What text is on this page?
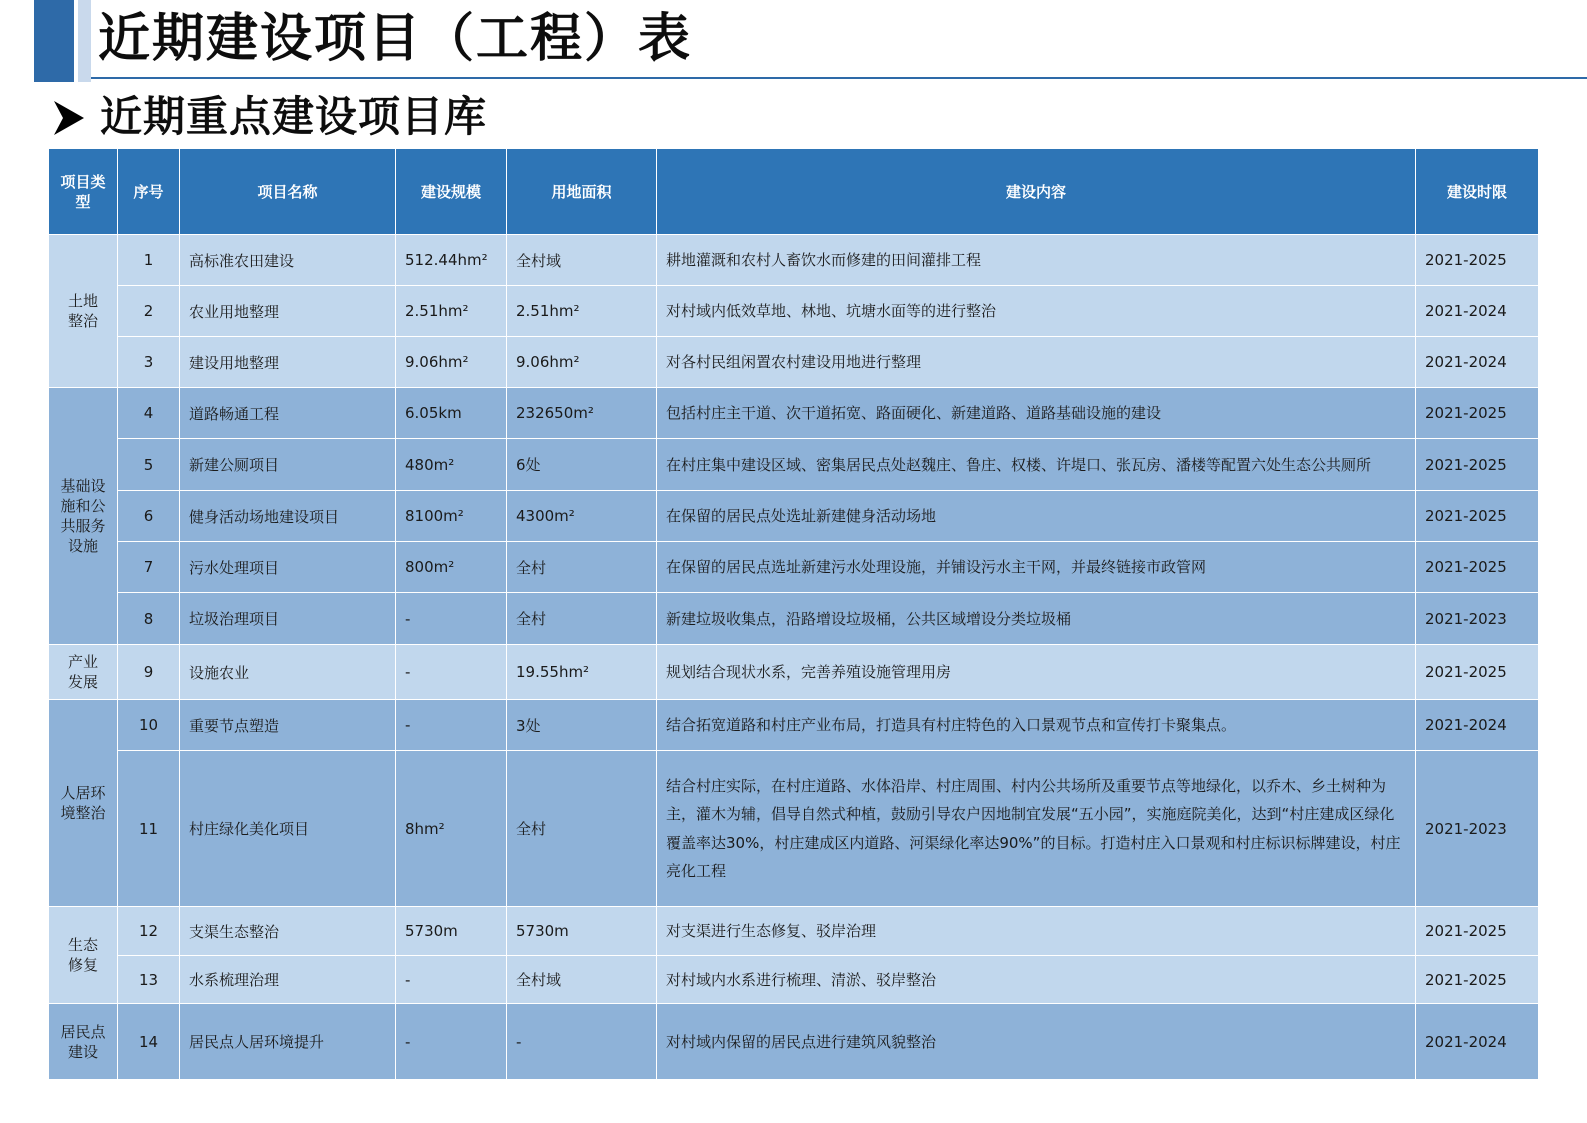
近期建设项目（工程）表
近期重点建设项目库
项目类型	序号	项目名称	建设规模	用地面积	建设内容	建设时限
土地整治	1	高标准农田建设	512.44hm²	全村域	耕地灌溉和农村人畜饮水而修建的田间灌排工程	2021-2025
	2	农业用地整理	2.51hm²	2.51hm²	对村域内低效草地、林地、坑塘水面等的进行整治	2021-2024
	3	建设用地整理	9.06hm²	9.06hm²	对各村民组闲置农村建设用地进行整理	2021-2024
基础设施和公共服务设施	4	道路畅通工程	6.05km	232650m²	包括村庄主干道、次干道拓宽、路面硬化、新建道路、道路基础设施的建设	2021-2025
	5	新建公厕项目	480m²	6处	在村庄集中建设区域、密集居民点处赵魏庄、鲁庄、权楼、许堤口、张瓦房、潘楼等配置六处生态公共厕所	2021-2025
	6	健身活动场地建设项目	8100m²	4300m²	在保留的居民点处选址新建健身活动场地	2021-2025
	7	污水处理项目	800m²	全村	在保留的居民点选址新建污水处理设施，并铺设污水主干网，并最终链接市政管网	2021-2025
	8	垃圾治理项目	-	全村	新建垃圾收集点，沿路增设垃圾桶，公共区域增设分类垃圾桶	2021-2023
产业发展	9	设施农业	-	19.55hm²	规划结合现状水系，完善养殖设施管理用房	2021-2025
人居环境整治	10	重要节点塑造	-	3处	结合拓宽道路和村庄产业布局，打造具有村庄特色的入口景观节点和宣传打卡聚集点。	2021-2024
	11	村庄绿化美化项目	8hm²	全村	结合村庄实际，在村庄道路、水体沿岸、村庄周围、村内公共场所及重要节点等地绿化，以乔木、乡土树种为主，灌木为辅，倡导自然式种植，鼓励引导农户因地制宜发展“五小园”，实施庭院美化，达到“村庄建成区绿化覆盖率达30%，村庄建成区内道路、河渠绿化率达90%”的目标。打造村庄入口景观和村庄标识标牌建设，村庄亮化工程	2021-2023
生态修复	12	支渠生态整治	5730m	5730m	对支渠进行生态修复、驳岸治理	2021-2025
	13	水系梳理治理	-	全村域	对村域内水系进行梳理、清淤、驳岸整治	2021-2025
居民点建设	14	居民点人居环境提升	-	-	对村域内保留的居民点进行建筑风貌整治	2021-2024
